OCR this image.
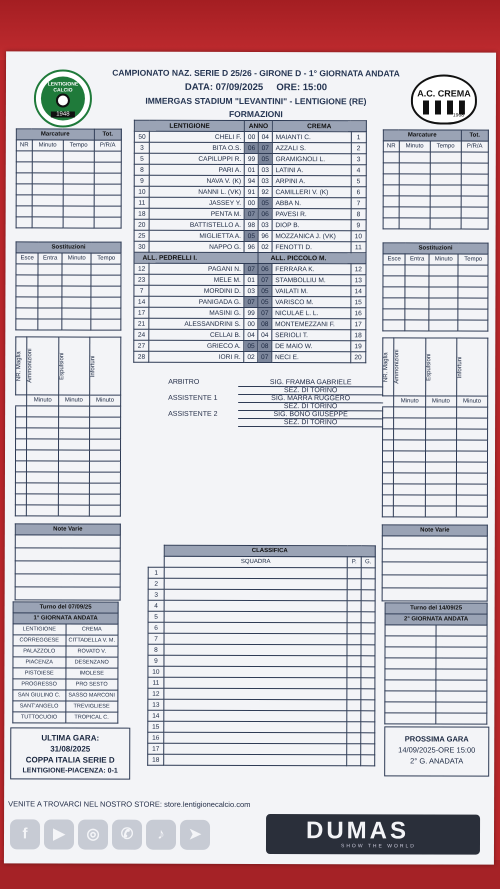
LENTIGIONE CALCIO
1948
A.C. CREMA
1908
CAMPIONATO NAZ. SERIE D 25/26 - GIRONE D - 1° GIORNATA ANDATA
DATA: 07/09/2025     ORE: 15:00
IMMERGAS STADIUM "LEVANTINI" - LENTIGIONE (RE)
FORMAZIONI
LENTIGIONE		ANNO		CREMA	
50	CHELI F.	00	04	MAIANTI C.	1
3	BITA O.S.	06	07	AZZALI S.	2
5	CAPILUPPI R.	99	05	GRAMIGNOLI L.	3
8	PARI A.	01	03	LATINI A.	4
9	NAVA V. (K)	94	03	ARPINI A.	5
10	NANNI L. (VK)	91	92	CAMILLERI V. (K)	6
11	JASSEY Y.	00	05	ABBA N.	7
18	PENTA M.	07	06	PAVESI R.	8
20	BATTISTELLO A.	98	03	DIOP B.	9
25	MIGLIETTA A.	05	96	MOZZANICA J. (VK)	10
30	NAPPO G.	96	02	FENOTTI D.	11
ALL. PEDRELLI I.			ALL. PICCOLO M.		
12	PAGANI N.	07	06	FERRARA K.	12
23	MELE M.	01	07	STAMBOLLIU M.	13
7	MORDINI D.	03	05	VAILATI M.	14
14	PANIGADA G.	07	05	VARISCO M.	15
17	MASINI G.	99	07	NICULAE L. L.	16
21	ALESSANDRINI S.	00	08	MONTEMEZZANI F.	17
24	CELLAI B.	04	04	SERIOLI T.	18
27	GRIECO A.	05	08	DE MAIO W.	19
28	IORI R.	02	07	NECI E.	20
Marcature			Tot.
NR	Minuto	Tempo	P/R/A

Marcature			Tot.
NR	Minuto	Tempo	P/R/A

Sostituzioni			
Esce	Entra	Minuto	Tempo

Sostituzioni			
Esce	Entra	Minuto	Tempo

NR. Maglia	Ammonizioni	Espulsioni	Infortuni

	Minuto	Minuto	Minuto

NR. Maglia	Ammonizioni	Espulsioni	Infortuni

	Minuto	Minuto	Minuto

Note Varie	Note Varie

ARBITRO	SIG. FRAMBA GABRIELE
	SEZ. DI TORINO
ASSISTENTE 1	SIG. MARRA RUGGERO
	SEZ. DI TORINO
ASSISTENTE 2	SIG. BONO GIUSEPPE
	SEZ. DI TORINO
	CLASSIFICA		
	SQUADRA	P.	G.
1			
2			
3			
4			
5			
6			
7			
8			
9			
10			
11			
12			
13			
14			
15			
16			
17			
18			
Turno del 07/09/25	
1° GIORNATA ANDATA	
LENTIGIONE	CREMA
CORREGGESE	CITTADELLA V. M.
PALAZZOLO	ROVATO V.
PIACENZA	DESENZANO
PISTOIESE	IMOLESE
PROGRESSO	PRO SESTO
SAN GIULINO C.	SASSO MARCONI
SANT'ANGELO	TREVIGLIESE
TUTTOCUOIO	TROPICAL C.
Turno del 14/09/25	
2° GIORNATA ANDATA	

ULTIMA GARA:
31/08/2025
COPPA ITALIA SERIE D
LENTIGIONE-PIACENZA: 0-1
PROSSIMA GARA
14/09/2025-ORE 15:00
2° G. ANADATA
VENITE A TROVARCI NEL NOSTRO STORE: store.lentigionecalcio.com
f	▶	◎	✆	♪	➤	DUMAS
SHOW THE WORLD
